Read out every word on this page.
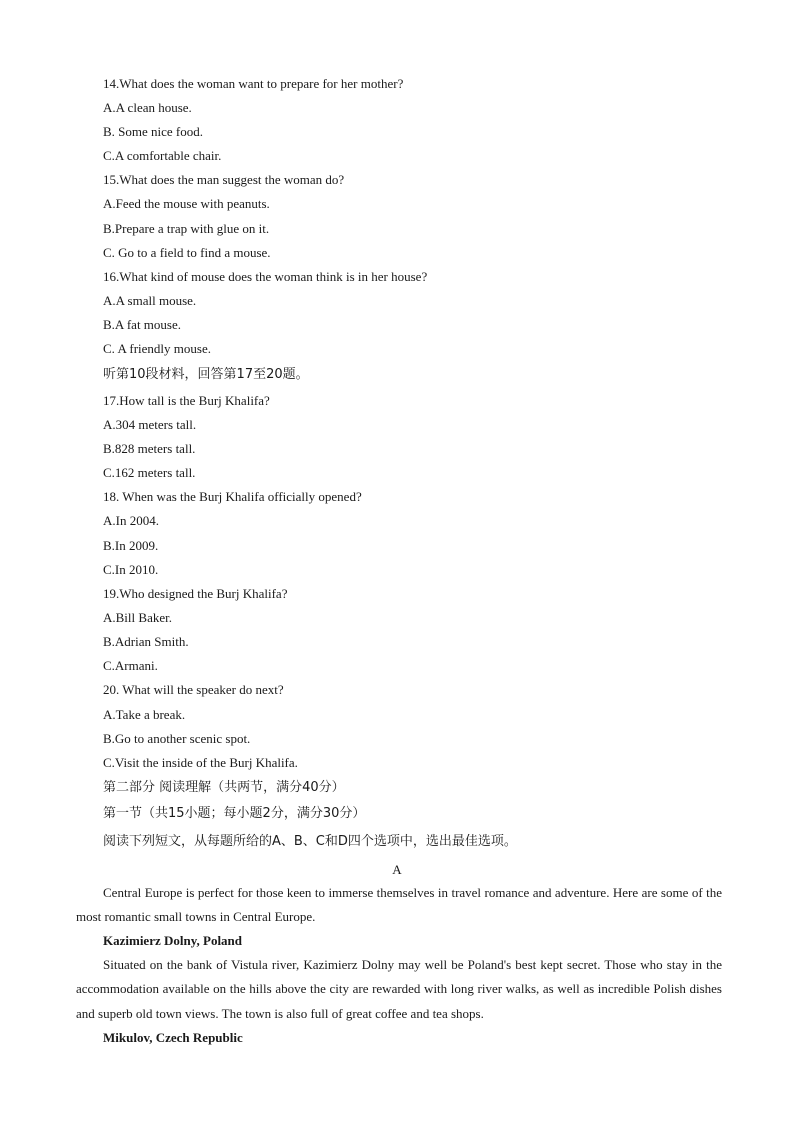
14.What does the woman want to prepare for her mother?
A.A clean house.
B. Some nice food.
C.A comfortable chair.
15.What does the man suggest the woman do?
A.Feed the mouse with peanuts.
B.Prepare a trap with glue on it.
C. Go to a field to find a mouse.
16.What kind of mouse does the woman think is in her house?
A.A small mouse.
B.A fat mouse.
C. A friendly mouse.
听第10段材料，回答第17至20题。
17.How tall is the Burj Khalifa?
A.304 meters tall.
B.828 meters tall.
C.162 meters tall.
18. When was the Burj Khalifa officially opened?
A.In 2004.
B.In 2009.
C.In 2010.
19.Who designed the Burj Khalifa?
A.Bill Baker.
B.Adrian Smith.
C.Armani.
20. What will the speaker do next?
A.Take a break.
B.Go to another scenic spot.
C.Visit the inside of the Burj Khalifa.
第二部分 阅读理解（共两节，满分40分）
第一节（共15小题；每小题2分，满分30分）
阅读下列短文，从每题所给的A、B、C和D四个选项中，选出最佳选项。
A
Central Europe is perfect for those keen to immerse themselves in travel romance and adventure. Here are some of the most romantic small towns in Central Europe.
Kazimierz Dolny, Poland
Situated on the bank of Vistula river, Kazimierz Dolny may well be Poland's best kept secret. Those who stay in the accommodation available on the hills above the city are rewarded with long river walks, as well as incredible Polish dishes and superb old town views. The town is also full of great coffee and tea shops.
Mikulov, Czech Republic
